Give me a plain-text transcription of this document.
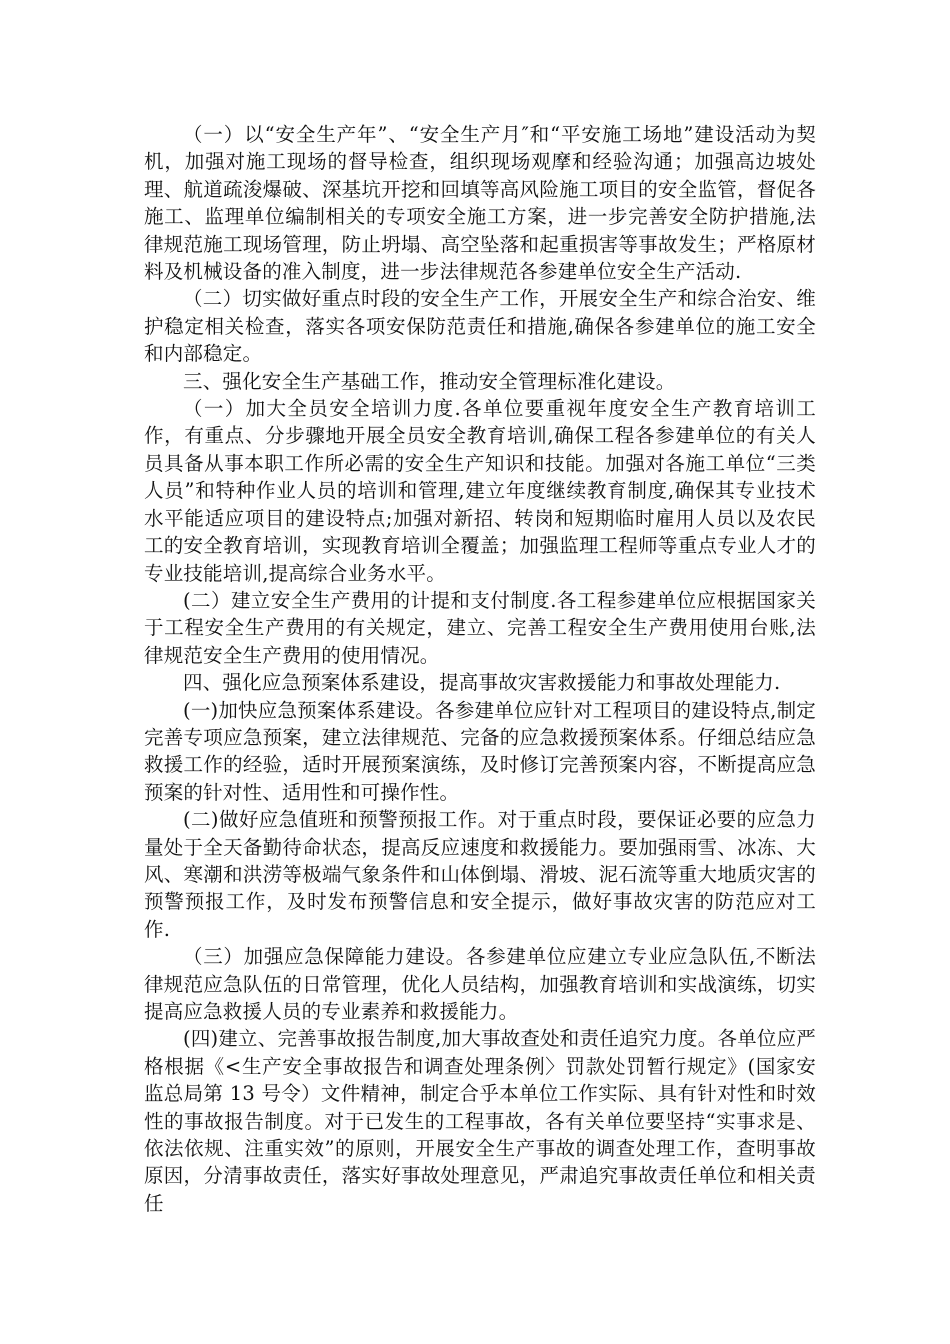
（一）以“安全生产年”、“安全生产月″和“平安施工场地”建设活动为契机，加强对施工现场的督导检查，组织现场观摩和经验沟通；加强高边坡处理、航道疏浚爆破、深基坑开挖和回填等高风险施工项目的安全监管，督促各施工、监理单位编制相关的专项安全施工方案，进一步完善安全防护措施,法律规范施工现场管理，防止坍塌、高空坠落和起重损害等事故发生；严格原材料及机械设备的准入制度，进一步法律规范各参建单位安全生产活动.

（二）切实做好重点时段的安全生产工作，开展安全生产和综合治安、维护稳定相关检查，落实各项安保防范责任和措施,确保各参建单位的施工安全和内部稳定。

三、强化安全生产基础工作，推动安全管理标准化建设。

（一）加大全员安全培训力度.各单位要重视年度安全生产教育培训工作，有重点、分步骤地开展全员安全教育培训,确保工程各参建单位的有关人员具备从事本职工作所必需的安全生产知识和技能。加强对各施工单位“三类人员”和特种作业人员的培训和管理,建立年度继续教育制度,确保其专业技术水平能适应项目的建设特点;加强对新招、转岗和短期临时雇用人员以及农民工的安全教育培训，实现教育培训全覆盖；加强监理工程师等重点专业人才的专业技能培训,提高综合业务水平。

(二）建立安全生产费用的计提和支付制度.各工程参建单位应根据国家关于工程安全生产费用的有关规定，建立、完善工程安全生产费用使用台账,法律规范安全生产费用的使用情况。

四、强化应急预案体系建设，提高事故灾害救援能力和事故处理能力.

(一)加快应急预案体系建设。各参建单位应针对工程项目的建设特点,制定完善专项应急预案，建立法律规范、完备的应急救援预案体系。仔细总结应急救援工作的经验，适时开展预案演练，及时修订完善预案内容，不断提高应急预案的针对性、适用性和可操作性。

(二)做好应急值班和预警预报工作。对于重点时段，要保证必要的应急力量处于全天备勤待命状态，提高反应速度和救援能力。要加强雨雪、冰冻、大风、寒潮和洪涝等极端气象条件和山体倒塌、滑坡、泥石流等重大地质灾害的预警预报工作，及时发布预警信息和安全提示，做好事故灾害的防范应对工作.

（三）加强应急保障能力建设。各参建单位应建立专业应急队伍,不断法律规范应急队伍的日常管理，优化人员结构，加强教育培训和实战演练，切实提高应急救援人员的专业素养和救援能力。

(四)建立、完善事故报告制度,加大事故查处和责任追究力度。各单位应严格根据《<生产安全事故报告和调查处理条例〉罚款处罚暂行规定》(国家安监总局第 13 号令）文件精神，制定合乎本单位工作实际、具有针对性和时效性的事故报告制度。对于已发生的工程事故，各有关单位要坚持“实事求是、依法依规、注重实效”的原则，开展安全生产事故的调查处理工作，查明事故原因，分清事故责任，落实好事故处理意见，严肃追究事故责任单位和相关责任
